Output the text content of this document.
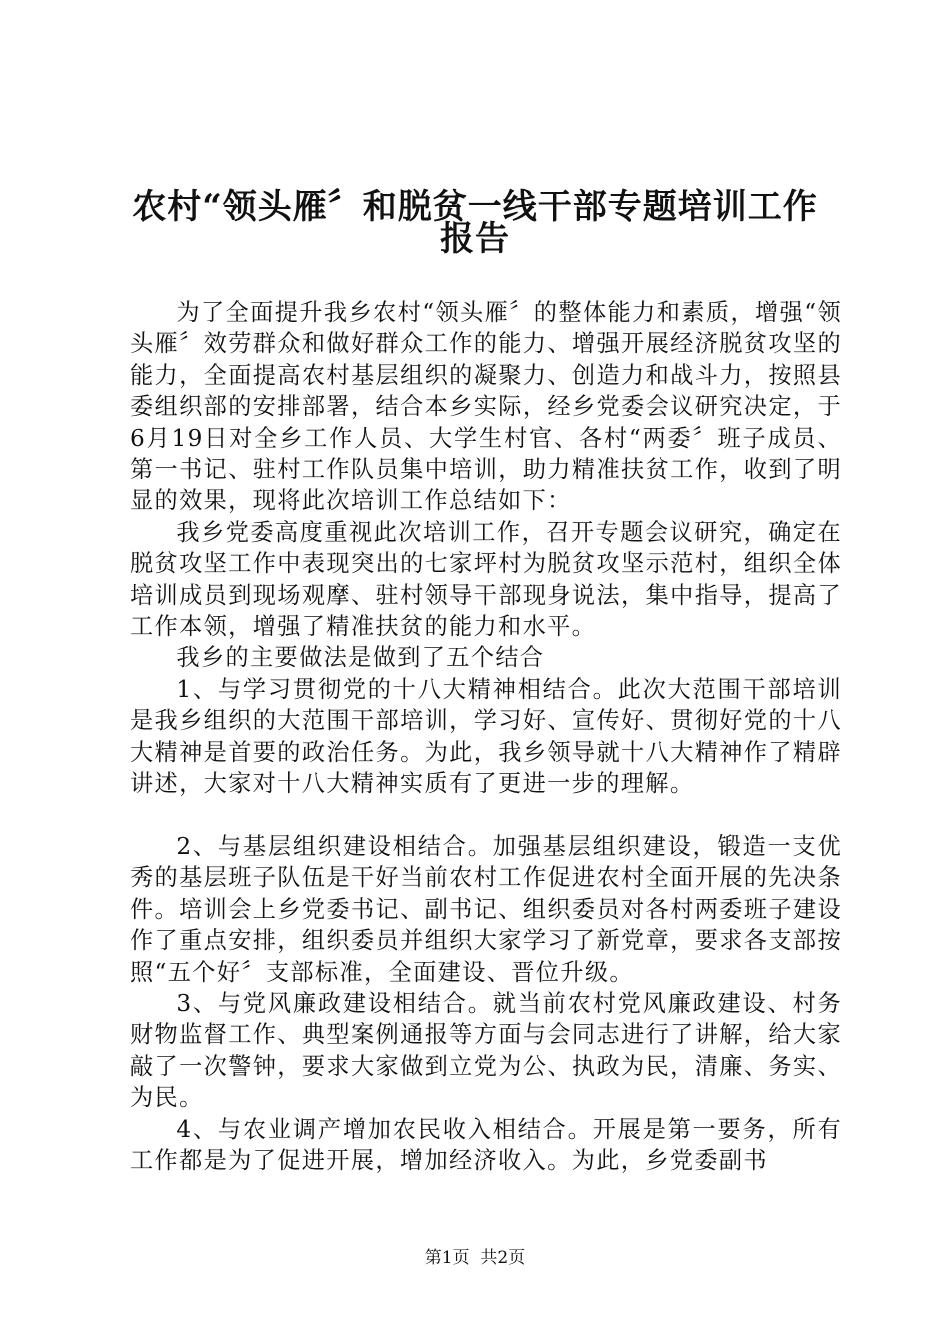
农村“领头雁〞和脱贫一线干部专题培训工作
报告

为了全面提升我乡农村“领头雁〞的整体能力和素质，增强“领头雁〞效劳群众和做好群众工作的能力、增强开展经济脱贫攻坚的能力，全面提高农村基层组织的凝聚力、创造力和战斗力，按照县委组织部的安排部署，结合本乡实际，经乡党委会议研究决定，于6月19日对全乡工作人员、大学生村官、各村“两委〞班子成员、第一书记、驻村工作队员集中培训，助力精准扶贫工作，收到了明显的效果，现将此次培训工作总结如下：

我乡党委高度重视此次培训工作，召开专题会议研究，确定在脱贫攻坚工作中表现突出的七家坪村为脱贫攻坚示范村，组织全体培训成员到现场观摩、驻村领导干部现身说法，集中指导，提高了工作本领，增强了精准扶贫的能力和水平。

我乡的主要做法是做到了五个结合

1、与学习贯彻党的十八大精神相结合。此次大范围干部培训是我乡组织的大范围干部培训，学习好、宣传好、贯彻好党的十八大精神是首要的政治任务。为此，我乡领导就十八大精神作了精辟讲述，大家对十八大精神实质有了更进一步的理解。

2、与基层组织建设相结合。加强基层组织建设，锻造一支优秀的基层班子队伍是干好当前农村工作促进农村全面开展的先决条件。培训会上乡党委书记、副书记、组织委员对各村两委班子建设作了重点安排，组织委员并组织大家学习了新党章，要求各支部按照“五个好〞支部标准，全面建设、晋位升级。

3、与党风廉政建设相结合。就当前农村党风廉政建设、村务财物监督工作、典型案例通报等方面与会同志进行了讲解，给大家敲了一次警钟，要求大家做到立党为公、执政为民，清廉、务实、为民。

4、与农业调产增加农民收入相结合。开展是第一要务，所有工作都是为了促进开展，增加经济收入。为此，乡党委副书

第1页  共2页
